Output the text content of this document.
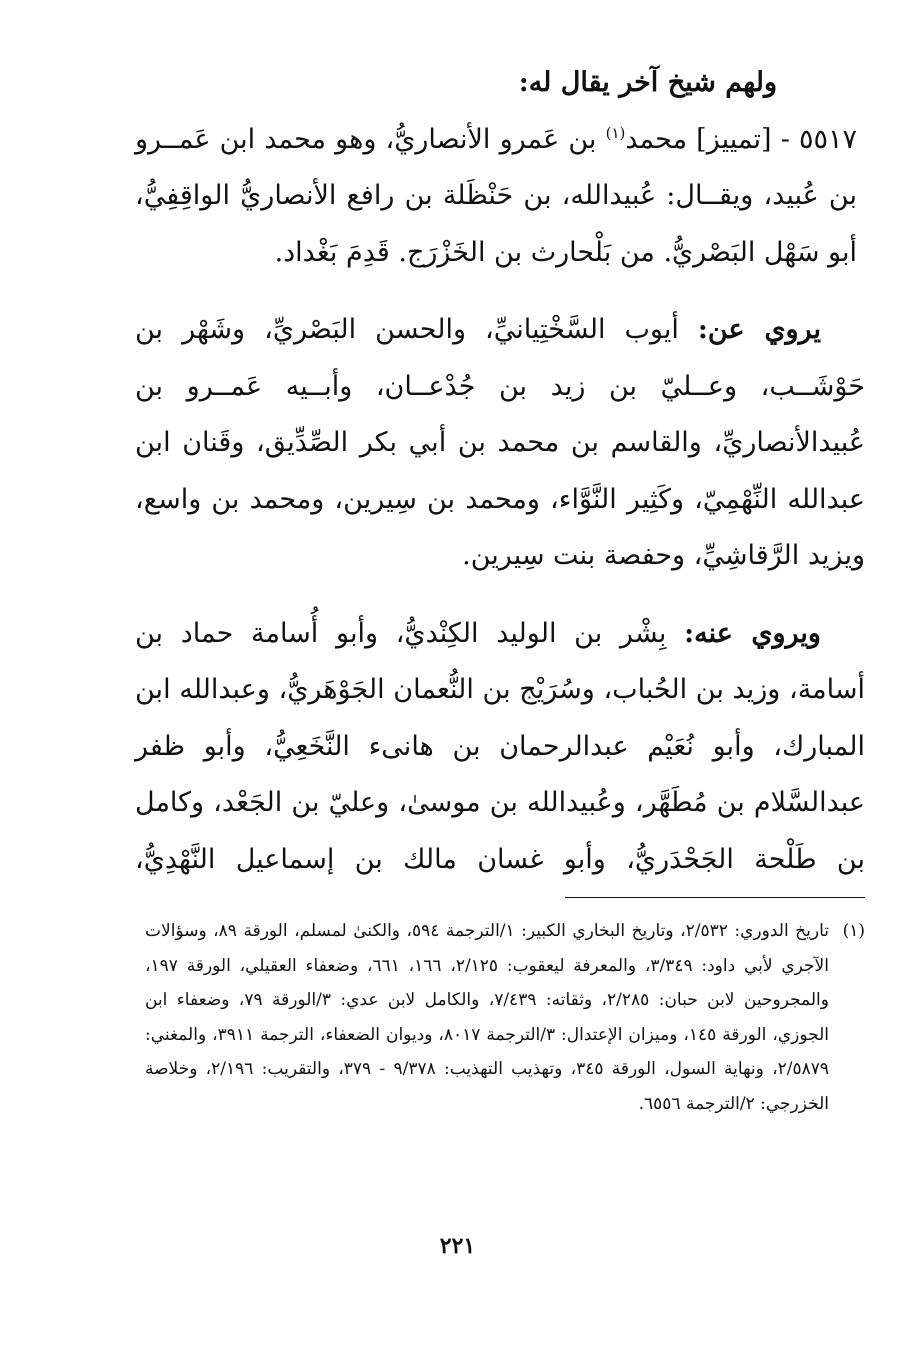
ولهم شيخ آخر يقال له:

٥٥١٧ - [تمييز] محمد$^{(١)}$ بن عَمرو الأنصاريُّ، وهو محمد ابن عَمــرو بن عُبيد، ويقــال: عُبيدالله، بن حَنْظَلة بن رافع الأنصاريُّ الواقِفِيُّ، أبو سَهْل البَصْريُّ. من بَلْحارث بن الخَزْرَج. قَدِمَ بَغْداد.

يروي عن: أيوب السَّخْتِيانيِّ، والحسن البَصْريِّ، وشَهْر بن حَوْشَــب، وعــليّ بن زيد بن جُدْعــان، وأبــيه عَمــرو بن عُبيدالأنصاريِّ، والقاسم بن محمد بن أبي بكر الصِّدِّيق، وقَنان ابن عبدالله النِّهْمِيّ، وكَثِير النَّوَّاء، ومحمد بن سِيرين، ومحمد بن واسع، ويزيد الرَّقاشِيِّ، وحفصة بنت سِيرين.

ويروي عنه: بِشْر بن الوليد الكِنْديُّ، وأبو أُسامة حماد بن أسامة، وزيد بن الحُباب، وسُرَيْج بن النُّعمان الجَوْهَريُّ، وعبدالله ابن المبارك، وأبو نُعَيْم عبدالرحمان بن هانىء النَّخَعِيُّ، وأبو ظفر عبدالسَّلام بن مُطَهَّر، وعُبيدالله بن موسىٰ، وعليّ بن الجَعْد، وكامل بن طَلْحة الجَحْدَريُّ، وأبو غسان مالك بن إسماعيل النَّهْدِيُّ،

(١)
تاريخ الدوري: ٢/٥٣٢، وتاريخ البخاري الكبير: ١/الترجمة ٥٩٤، والكنىٰ لمسلم، الورقة ٨٩، وسؤالات الآجري لأبي داود: ٣/٣٤٩، والمعرفة ليعقوب: ٢/١٢٥، ١٦٦، ٦٦١، وضعفاء العقيلي، الورقة ١٩٧، والمجروحين لابن حبان: ٢/٢٨٥، وثقاته: ٧/٤٣٩، والكامل لابن عدي: ٣/الورقة ٧٩، وضعفاء ابن الجوزي، الورقة ١٤٥، وميزان الإعتدال: ٣/الترجمة ٨٠١٧، وديوان الضعفاء، الترجمة ٣٩١١، والمغني: ٢/٥٨٧٩، ونهاية السول، الورقة ٣٤٥، وتهذيب التهذيب: ٩/٣٧٨ - ٣٧٩، والتقريب: ٢/١٩٦، وخلاصة الخزرجي: ٢/الترجمة ٦٥٥٦.
٢٢١
